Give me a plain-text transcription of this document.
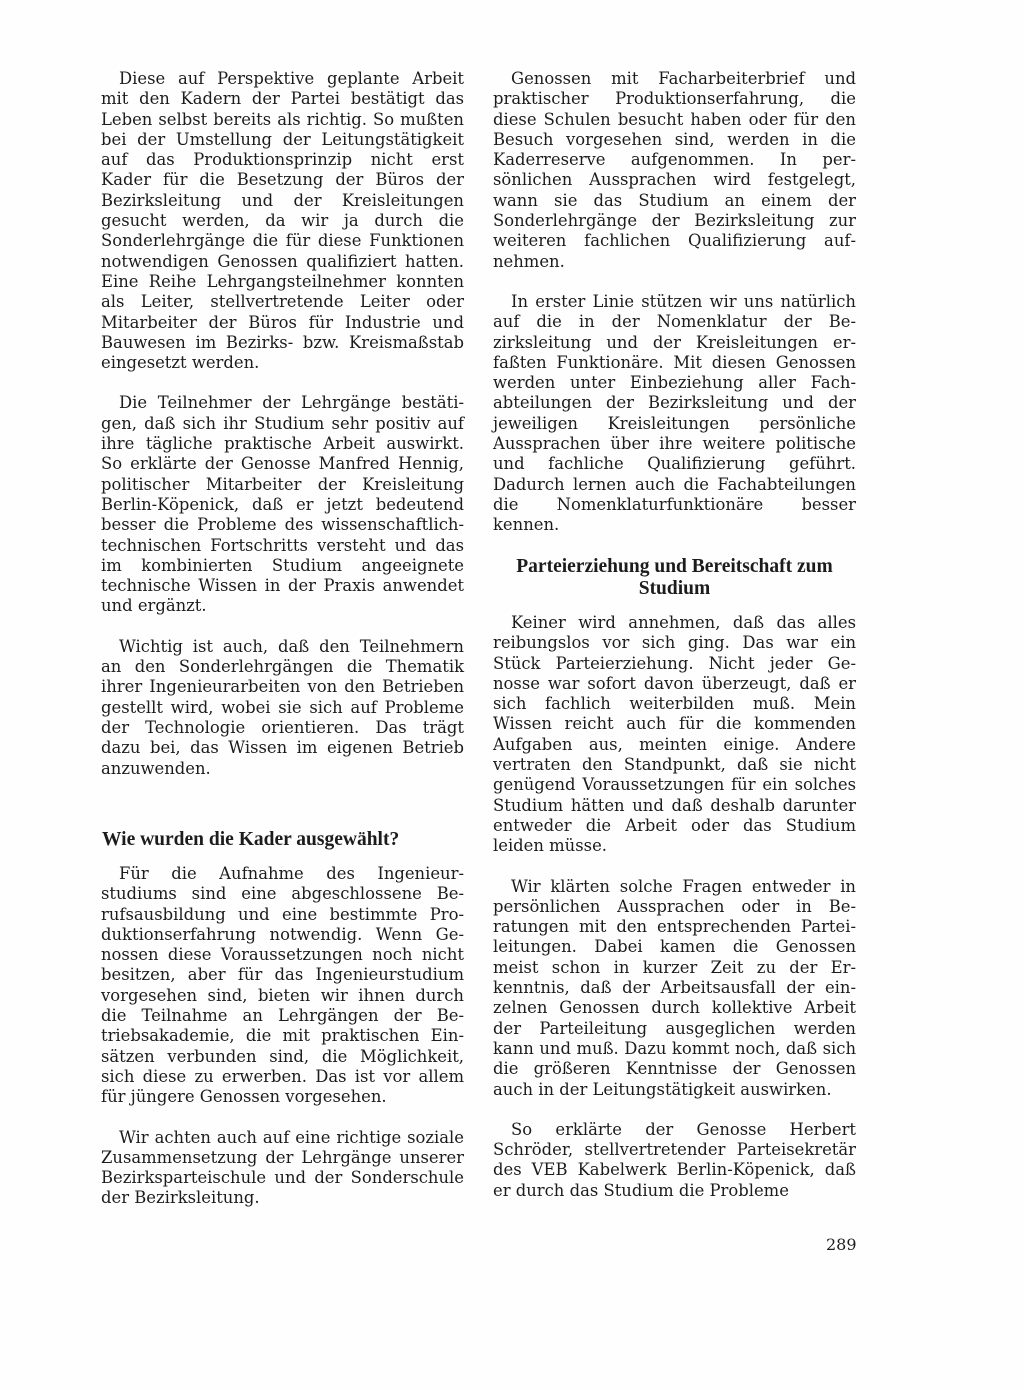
Diese auf Perspektive geplante Arbeit mit den Kadern der Partei bestätigt das Leben selbst bereits als richtig. So mußten bei der Umstellung der Leitungstätigkeit auf das Produktionsprinzip nicht erst Kader für die Besetzung der Büros der Bezirksleitung und der Kreisleitungen gesucht werden, da wir ja durch die Sonderlehrgänge die für diese Funktionen notwendigen Genossen qualifiziert hatten. Eine Reihe Lehrgangsteilnehmer konnten als Leiter, stellvertretende Leiter oder Mitarbeiter der Büros für Industrie und Bauwesen im Bezirks- bzw. Kreismaßstab eingesetzt werden.

Die Teilnehmer der Lehrgänge bestätigen, daß sich ihr Studium sehr positiv auf ihre tägliche praktische Arbeit auswirkt. So erklärte der Genosse Manfred Hennig, politischer Mitarbeiter der Kreisleitung Berlin-Köpenick, daß er jetzt bedeutend besser die Probleme des wissenschaftlich-technischen Fortschritts versteht und das im kombinierten Studium angeeignete technische Wissen in der Praxis anwendet und ergänzt.

Wichtig ist auch, daß den Teilnehmern an den Sonderlehrgängen die Thematik ihrer Ingenieurarbeiten von den Betrieben gestellt wird, wobei sie sich auf Probleme der Technologie orientieren. Das trägt dazu bei, das Wissen im eigenen Betrieb anzuwenden.

Wie wurden die Kader ausgewählt?

Für die Aufnahme des Ingenieurstudiums sind eine abgeschlossene Berufsausbildung und eine bestimmte Produktionserfahrung notwendig. Wenn Genossen diese Voraussetzungen noch nicht besitzen, aber für das Ingenieurstudium vorgesehen sind, bieten wir ihnen durch die Teilnahme an Lehrgängen der Betriebsakademie, die mit praktischen Einsätzen verbunden sind, die Möglichkeit, sich diese zu erwerben. Das ist vor allem für jüngere Genossen vorgesehen.

Wir achten auch auf eine richtige soziale Zusammensetzung der Lehrgänge unserer Bezirksparteischule und der Sonderschule der Bezirksleitung.

Genossen mit Facharbeiterbrief und praktischer Produktionserfahrung, die diese Schulen besucht haben oder für den Besuch vorgesehen sind, werden in die Kaderreserve aufgenommen. In persönlichen Aussprachen wird festgelegt, wann sie das Studium an einem der Sonderlehrgänge der Bezirksleitung zur weiteren fachlichen Qualifizierung aufnehmen.

In erster Linie stützen wir uns natürlich auf die in der Nomenklatur der Bezirksleitung und der Kreisleitungen erfaßten Funktionäre. Mit diesen Genossen werden unter Einbeziehung aller Fachabteilungen der Bezirksleitung und der jeweiligen Kreisleitungen persönliche Aussprachen über ihre weitere politische und fachliche Qualifizierung geführt. Dadurch lernen auch die Fachabteilungen die Nomenklaturfunktionäre besser kennen.

Parteierziehung und Bereitschaft zum Studium

Keiner wird annehmen, daß das alles reibungslos vor sich ging. Das war ein Stück Parteierziehung. Nicht jeder Genosse war sofort davon überzeugt, daß er sich fachlich weiterbilden muß. Mein Wissen reicht auch für die kommenden Aufgaben aus, meinten einige. Andere vertraten den Standpunkt, daß sie nicht genügend Voraussetzungen für ein solches Studium hätten und daß deshalb darunter entweder die Arbeit oder das Studium leiden müsse.

Wir klärten solche Fragen entweder in persönlichen Aussprachen oder in Beratungen mit den entsprechenden Parteileitungen. Dabei kamen die Genossen meist schon in kurzer Zeit zu der Erkenntnis, daß der Arbeitsausfall der einzelnen Genossen durch kollektive Arbeit der Parteileitung ausgeglichen werden kann und muß. Dazu kommt noch, daß sich die größeren Kenntnisse der Genossen auch in der Leitungstätigkeit auswirken.

So erklärte der Genosse Herbert Schröder, stellvertretender Parteisekretär des VEB Kabelwerk Berlin-Köpenick, daß er durch das Studium die Probleme

289
